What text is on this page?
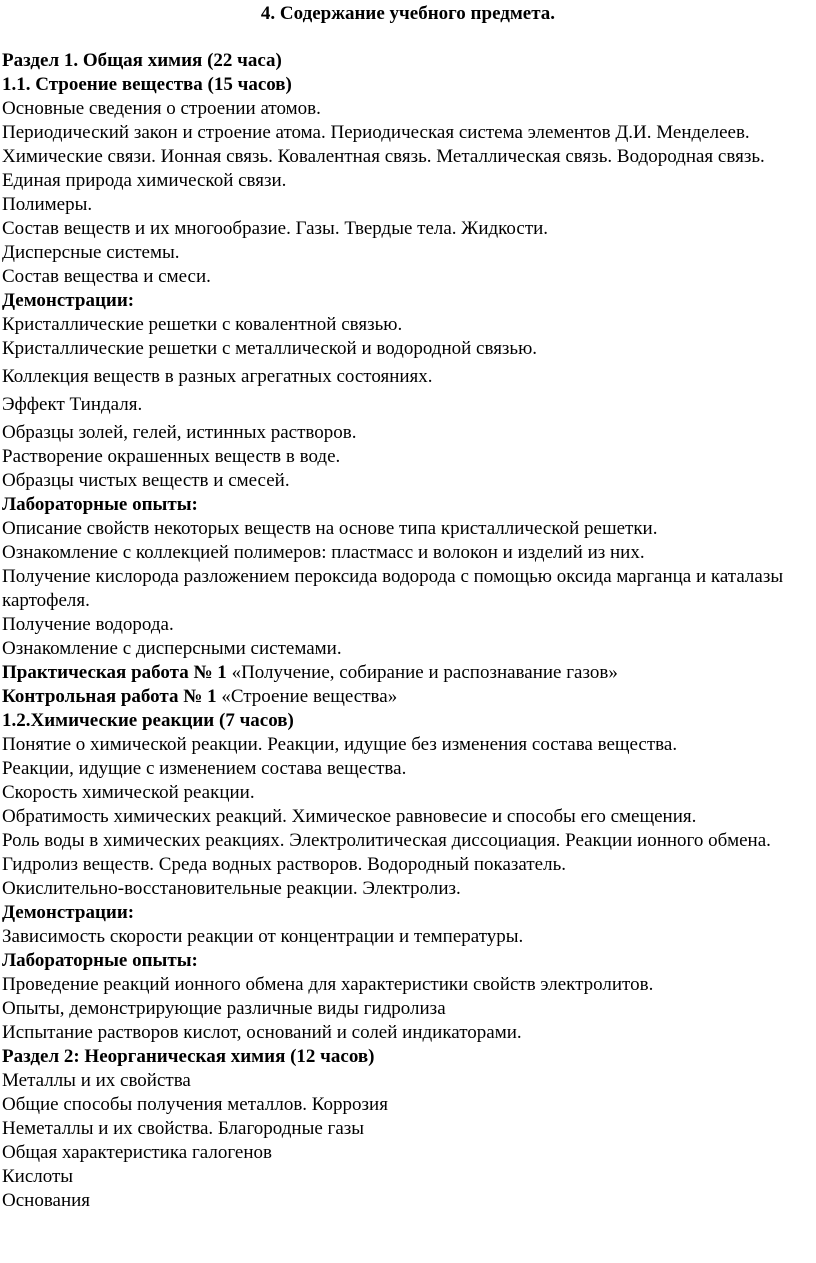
4. Содержание учебного предмета.

Раздел 1. Общая химия (22 часа)

1.1. Строение вещества (15 часов)

Основные сведения о строении атомов.

Периодический закон и строение атома. Периодическая система элементов Д.И. Менделеев.

Химические связи. Ионная связь. Ковалентная связь. Металлическая связь. Водородная связь. Единая природа химической связи.

Полимеры.

Состав веществ и их многообразие. Газы. Твердые тела. Жидкости.

Дисперсные системы.

Состав вещества и смеси.

Демонстрации:

Кристаллические решетки с ковалентной связью.

Кристаллические решетки с металлической и водородной связью.

Коллекция веществ в разных агрегатных состояниях.

Эффект Тиндаля.

Образцы золей, гелей, истинных растворов.

Растворение окрашенных веществ в воде.

Образцы чистых веществ и смесей.

Лабораторные опыты:

Описание свойств некоторых веществ на основе типа кристаллической решетки.

Ознакомление с коллекцией полимеров: пластмасс и волокон и изделий из них.

Получение кислорода разложением пероксида водорода с помощью оксида марганца и каталазы картофеля.

Получение водорода.

Ознакомление с дисперсными системами.

Практическая работа № 1 «Получение, собирание и распознавание газов»

Контрольная работа № 1 «Строение вещества»

1.2.Химические реакции (7 часов)

Понятие о химической реакции. Реакции, идущие без изменения состава вещества.

Реакции, идущие с изменением состава вещества.

Скорость химической реакции.

Обратимость химических реакций. Химическое равновесие и способы его смещения.

Роль воды в химических реакциях. Электролитическая диссоциация. Реакции ионного обмена.

Гидролиз веществ. Среда водных растворов. Водородный показатель.

Окислительно-восстановительные реакции. Электролиз.

Демонстрации:

Зависимость скорости реакции от концентрации и температуры.

Лабораторные опыты:

Проведение реакций ионного обмена для характеристики свойств электролитов.

Опыты, демонстрирующие различные виды гидролиза

Испытание растворов кислот, оснований и солей индикаторами.

Раздел 2: Неорганическая химия (12 часов)

Металлы и их свойства

Общие способы получения металлов. Коррозия

Неметаллы и их свойства. Благородные газы

Общая характеристика галогенов

Кислоты

Основания
